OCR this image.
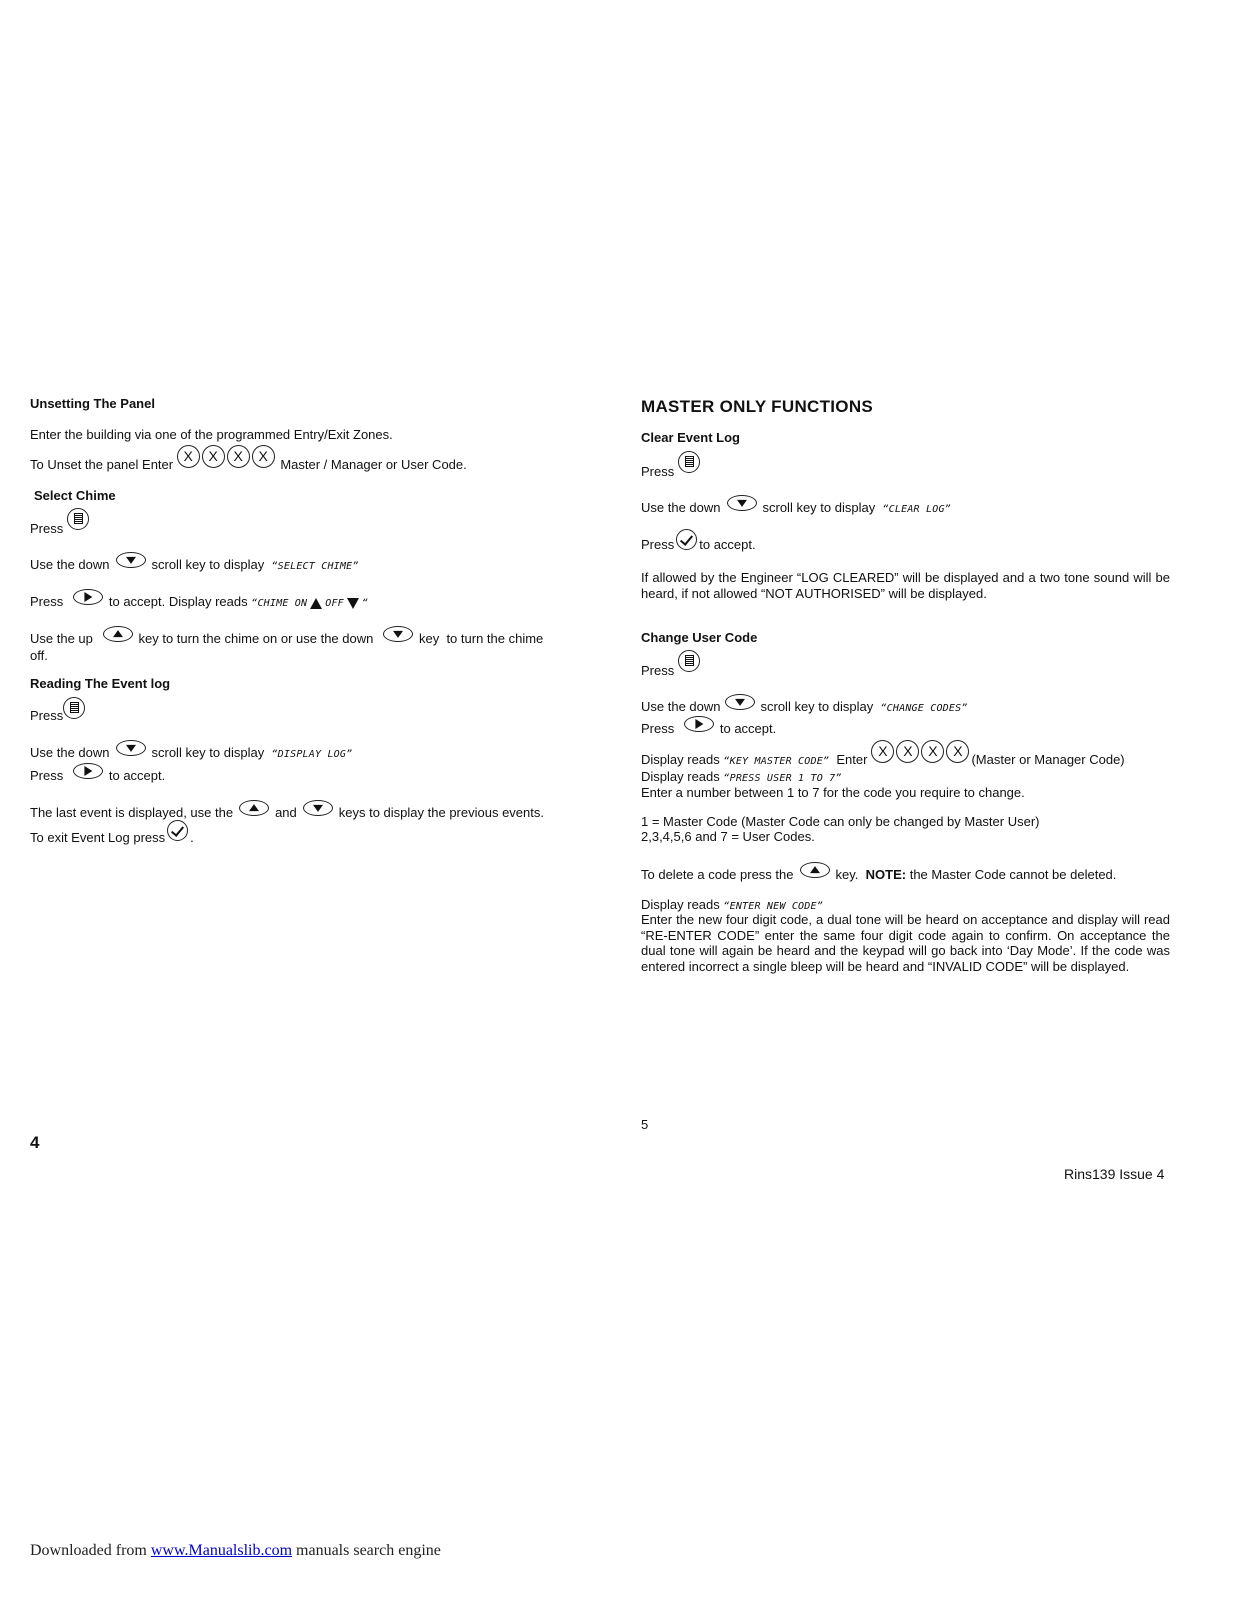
Unsetting The Panel
Enter the building via one of the programmed Entry/Exit Zones.
To Unset the panel Enter

X	X	X	X

Master / Manager or User Code.
Select Chime
Press
Use the down	scroll key to display
“SELECT CHIME”
Press
	to accept. Display reads
“CHIME ON OFF “
Use the up
	key to turn the chime on or use the down
	key  to turn the chime
off.
Reading The Event log
Press
Use the down	scroll key to display
“DISPLAY LOG”
Press
	to accept.
The last event is displayed, use the	and	keys to display the previous events.
To exit Event Log press .
4
MASTER ONLY FUNCTIONS
Clear Event Log
Press
Use the down	scroll key to display
“CLEAR LOG”
Press to accept.
If allowed by the Engineer “LOG CLEARED” will be displayed and a two tone sound will be heard, if not allowed “NOT AUTHORISED” will be displayed.
Change User Code
Press
Use the down	scroll key to display
“CHANGE CODES”
Press
	to accept.
Display reads
“KEY MASTER CODE”
Enter
X	X	X	X
(Master or Manager Code)
Display reads
“PRESS USER 1 TO 7”
Enter a number between 1 to 7 for the code you require to change.
1 = Master Code (Master Code can only be changed by Master User)
2,3,4,5,6 and 7 = User Codes.
To delete a code press the	key.
NOTE:
the Master Code cannot be deleted.
Display reads
“ENTER NEW CODE”
Enter the new four digit code, a dual tone will be heard on acceptance and display will read “RE-ENTER CODE” enter the same four digit code again to confirm. On acceptance the dual tone will again be heard and the keypad will go back into ‘Day Mode’. If the code was entered incorrect a single bleep will be heard and “INVALID CODE” will be displayed.
5
Rins139 Issue 4
Downloaded from www.Manualslib.com manuals search engine
